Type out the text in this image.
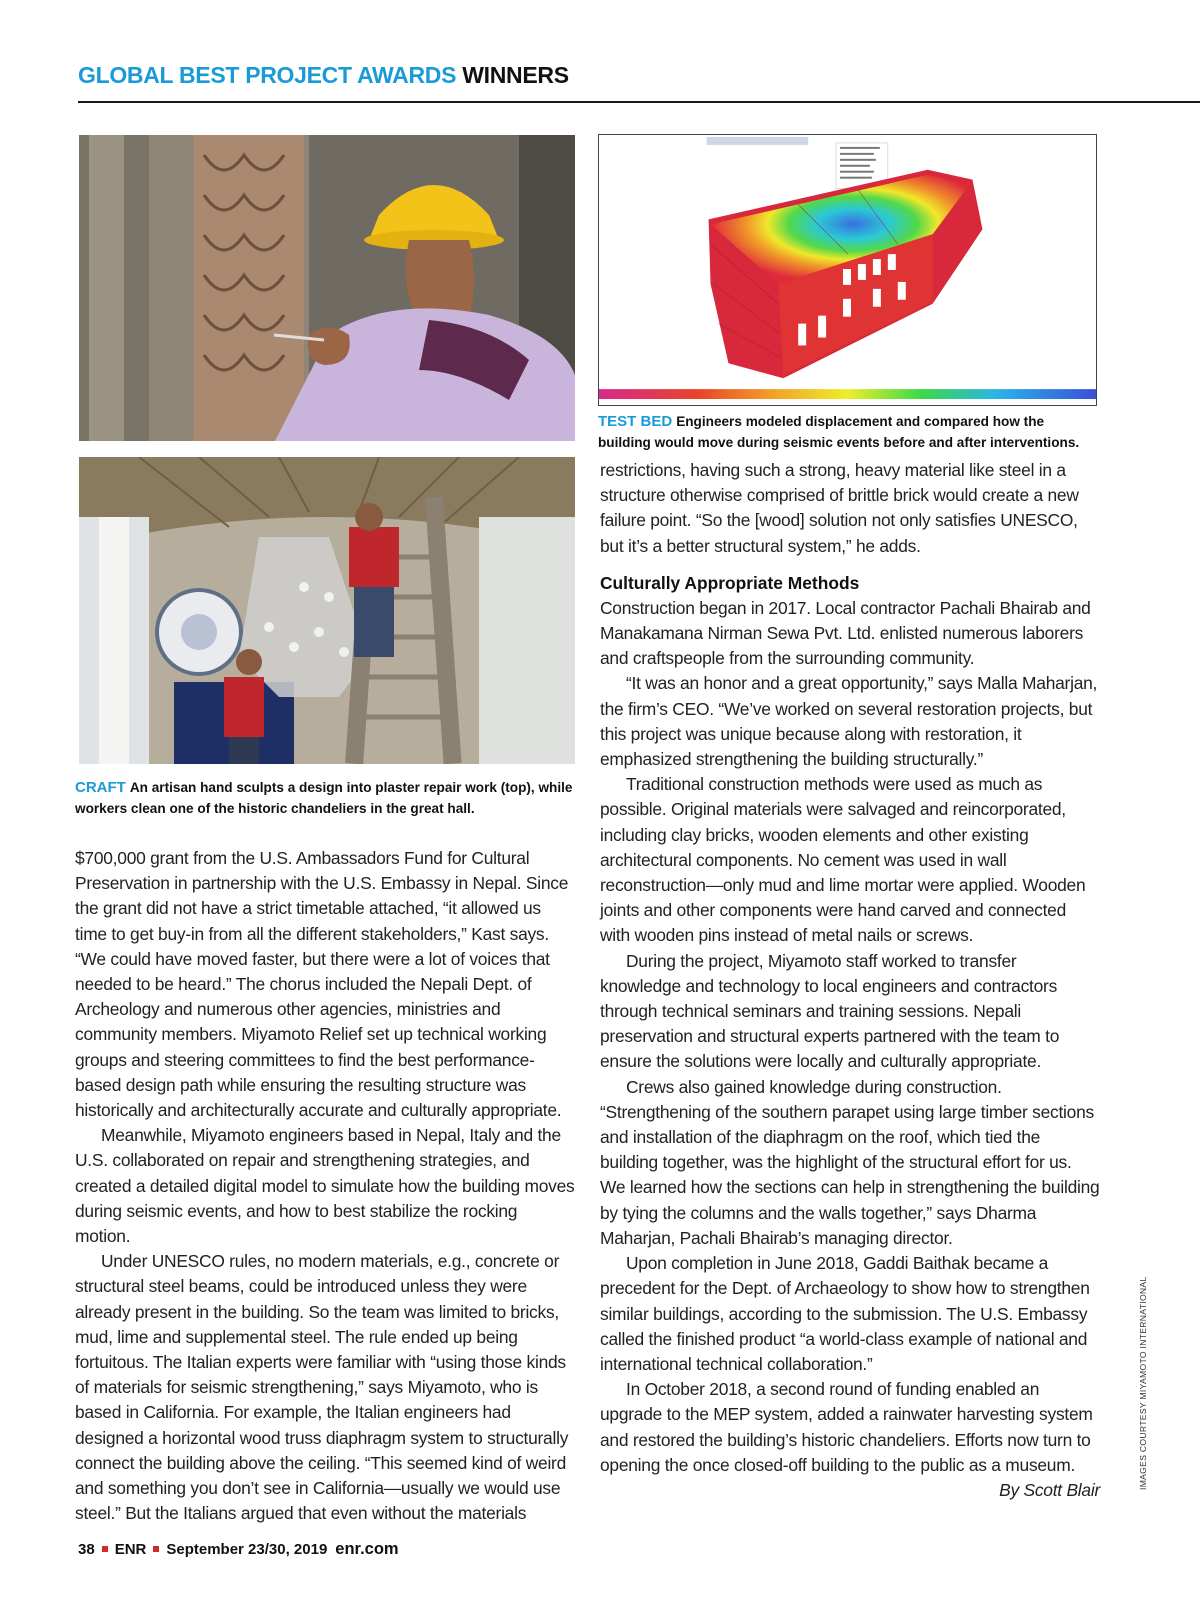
GLOBAL BEST PROJECT AWARDS WINNERS
CRAFT An artisan hand sculpts a design into plaster repair work (top), while workers clean one of the historic chandeliers in the great hall.
TEST BED Engineers modeled displacement and compared how the building would move during seismic events before and after interventions.

$700,000 grant from the U.S. Ambassadors Fund for Cultural Preservation in partnership with the U.S. Embassy in Nepal. Since the grant did not have a strict timetable attached, “it allowed us time to get buy-in from all the different stakeholders,” Kast says. “We could have moved faster, but there were a lot of voices that needed to be heard.” The chorus included the Nepali Dept. of Archeology and numerous other agencies, ministries and community members. Miyamoto Relief set up technical working groups and steering committees to find the best performance-based design path while ensuring the resulting structure was historically and architecturally accurate and culturally appropriate.

Meanwhile, Miyamoto engineers based in Nepal, Italy and the U.S. collaborated on repair and strengthening strategies, and created a detailed digital model to simulate how the building moves during seismic events, and how to best stabilize the rocking motion.

Under UNESCO rules, no modern materials, e.g., concrete or structural steel beams, could be introduced unless they were already present in the building. So the team was limited to bricks, mud, lime and supplemental steel. The rule ended up being fortuitous. The Italian experts were familiar with “using those kinds of materials for seismic strengthening,” says Miyamoto, who is based in California. For example, the Italian engineers had designed a horizontal wood truss diaphragm system to structurally connect the building above the ceiling. “This seemed kind of weird and something you don’t see in California—usually we would use steel.” But the Italians argued that even without the materials

restrictions, having such a strong, heavy material like steel in a structure otherwise comprised of brittle brick would create a new failure point. “So the [wood] solution not only satisfies UNESCO, but it’s a better structural system,” he adds.

Culturally Appropriate Methods

Construction began in 2017. Local contractor Pachali Bhairab and Manakamana Nirman Sewa Pvt. Ltd. enlisted numerous laborers and craftspeople from the surrounding community.

“It was an honor and a great opportunity,” says Malla Maharjan, the firm’s CEO. “We’ve worked on several restoration projects, but this project was unique because along with restoration, it emphasized strengthening the building structurally.”

Traditional construction methods were used as much as possible. Original materials were salvaged and reincorporated, including clay bricks, wooden elements and other existing architectural components. No cement was used in wall reconstruction—only mud and lime mortar were applied. Wooden joints and other components were hand carved and connected with wooden pins instead of metal nails or screws.

During the project, Miyamoto staff worked to transfer knowledge and technology to local engineers and contractors through technical seminars and training sessions. Nepali preservation and structural experts partnered with the team to ensure the solutions were locally and culturally appropriate.

Crews also gained knowledge during construction. “Strengthening of the southern parapet using large timber sections and installation of the diaphragm on the roof, which tied the building together, was the highlight of the structural effort for us. We learned how the sections can help in strengthening the building by tying the columns and the walls together,” says Dharma Maharjan, Pachali Bhairab’s managing director.

Upon completion in June 2018, Gaddi Baithak became a precedent for the Dept. of Archaeology to show how to strengthen similar buildings, according to the submission. The U.S. Embassy called the finished product “a world-class example of national and international technical collaboration.”

In October 2018, a second round of funding enabled an upgrade to the MEP system, added a rainwater harvesting system and restored the building’s historic chandeliers. Efforts now turn to opening the once closed-off building to the public as a museum.

By Scott Blair	IMAGES COURTESY MIYAMOTO INTERNATIONAL
38 ENR September 23/30, 2019 enr.com
